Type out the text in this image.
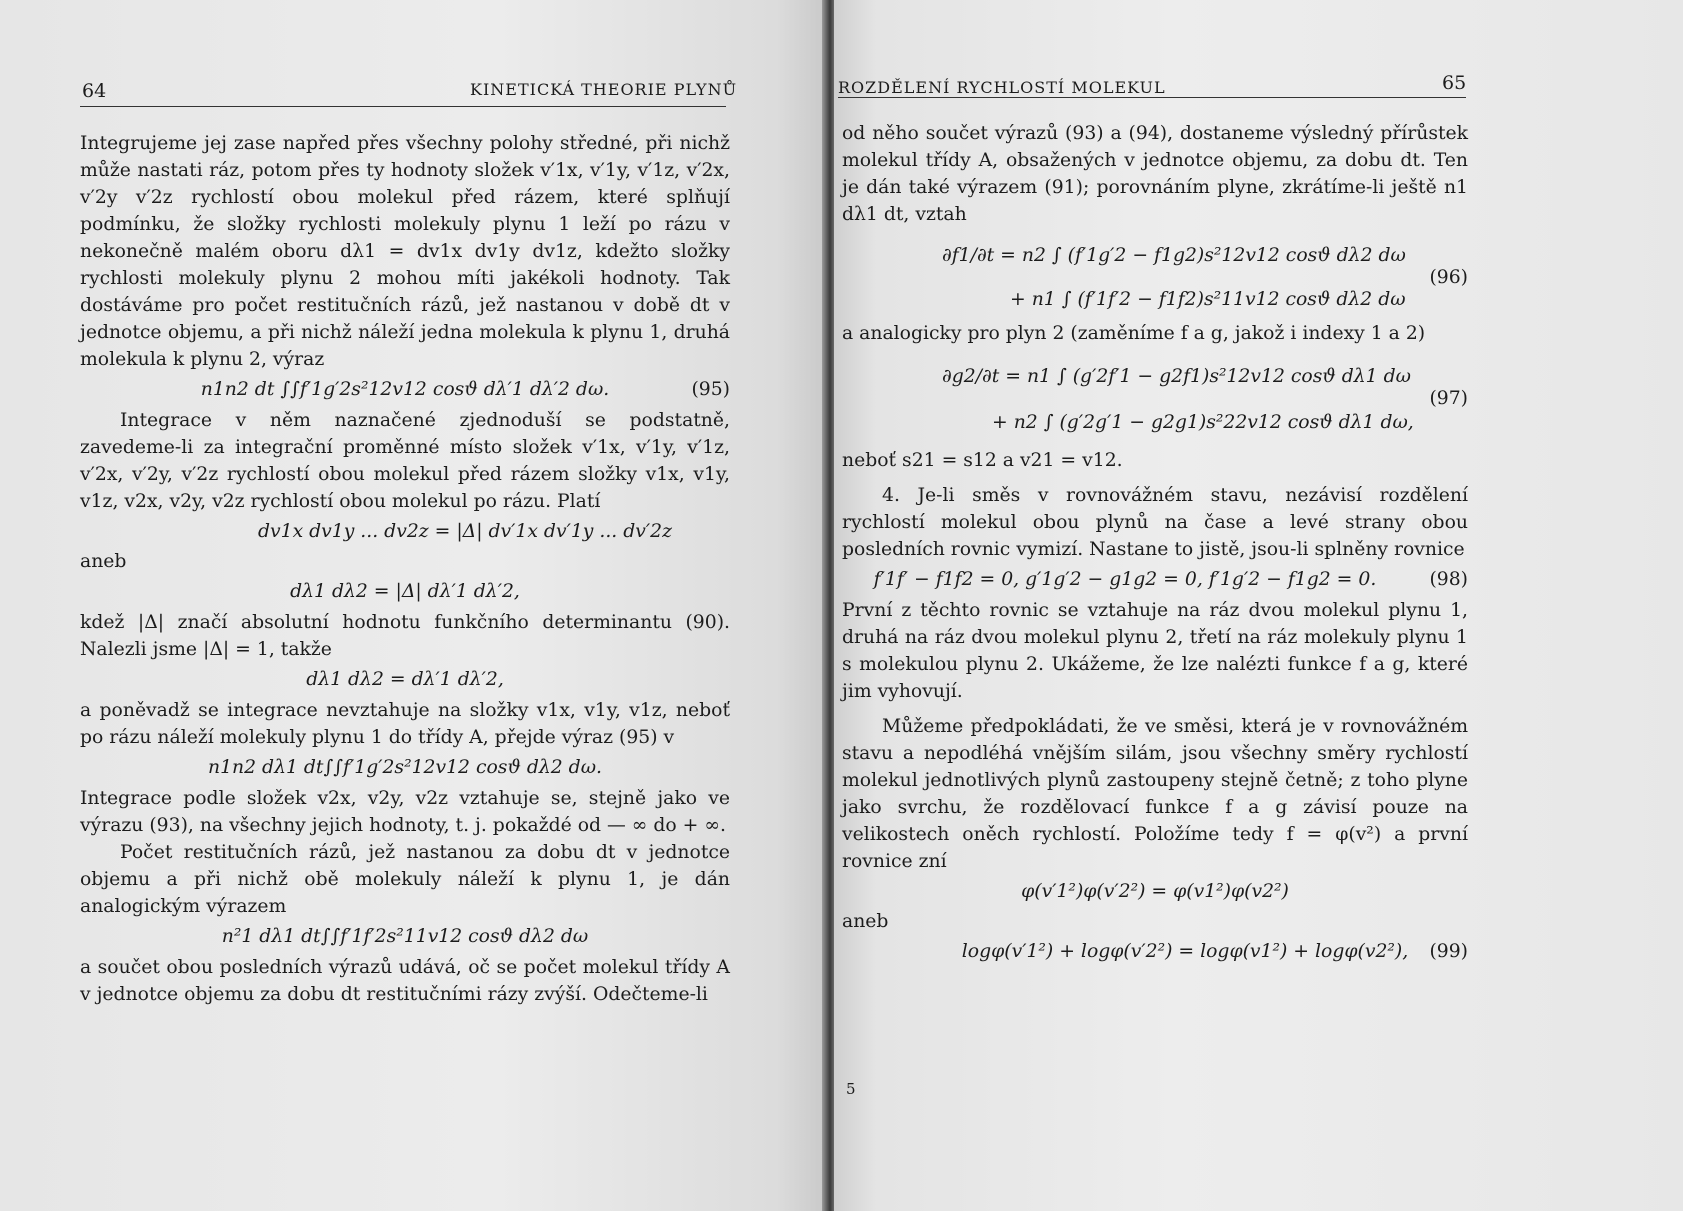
64	KINETICKÁ THEORIE PLYNŮ

Integrujeme jej zase napřed přes všechny polohy středné, při nichž může nastati ráz, potom přes ty hodnoty složek v′1x, v′1y, v′1z, v′2x, v′2y v′2z rychlostí obou molekul před rázem, které splňují podmínku, že složky rychlosti molekuly plynu 1 leží po rázu v nekonečně malém oboru dλ1 = dv1x dv1y dv1z, kdežto složky rychlosti molekuly plynu 2 mohou míti jakékoli hodnoty. Tak dostáváme pro počet restitučních rázů, jež nastanou v době dt v jednotce objemu, a při nichž náleží jedna molekula k plynu 1, druhá molekula k plynu 2, výraz

n1n2 dt ∫∫f′1g′2s²12v12 cosϑ dλ′1 dλ′2 dω.	(95)

Integrace v něm naznačené zjednoduší se podstatně, zavedeme-li za integrační proměnné místo složek v′1x, v′1y, v′1z, v′2x, v′2y, v′2z rychlostí obou molekul před rázem složky v1x, v1y, v1z, v2x, v2y, v2z rychlostí obou molekul po rázu. Platí

dv1x dv1y ... dv2z = |Δ| dv′1x dv′1y ... dv′2z
aneb
dλ1 dλ2 = |Δ| dλ′1 dλ′2,

kdež |Δ| značí absolutní hodnotu funkčního determinantu (90). Nalezli jsme |Δ| = 1, takže

dλ1 dλ2 = dλ′1 dλ′2,

a poněvadž se integrace nevztahuje na složky v1x, v1y, v1z, neboť po rázu náleží molekuly plynu 1 do třídy A, přejde výraz (95) v

n1n2 dλ1 dt∫∫f′1g′2s²12v12 cosϑ dλ2 dω.

Integrace podle složek v2x, v2y, v2z vztahuje se, stejně jako ve výrazu (93), na všechny jejich hodnoty, t. j. pokaždé od — ∞ do + ∞.

Počet restitučních rázů, jež nastanou za dobu dt v jednotce objemu a při nichž obě molekuly náleží k plynu 1, je dán analogickým výrazem

n²1 dλ1 dt∫∫f′1f′2s²11v12 cosϑ dλ2 dω

a součet obou posledních výrazů udává, oč se počet molekul třídy A v jednotce objemu za dobu dt restitučními rázy zvýší. Odečteme-li

ROZDĚLENÍ RYCHLOSTÍ MOLEKUL	65

od něho součet výrazů (93) a (94), dostaneme výsledný přírůstek molekul třídy A, obsažených v jednotce objemu, za dobu dt. Ten je dán také výrazem (91); porovnáním plyne, zkrátíme-li ještě n1 dλ1 dt, vztah

∂f1/∂t = n2 ∫ (f′1g′2 − f1g2)s²12v12 cosϑ dλ2 dω
+ n1 ∫ (f′1f′2 − f1f2)s²11v12 cosϑ dλ2 dω
(96)

a analogicky pro plyn 2 (zaměníme f a g, jakož i indexy 1 a 2)

∂g2/∂t = n1 ∫ (g′2f′1 − g2f1)s²12v12 cosϑ dλ1 dω
+ n2 ∫ (g′2g′1 − g2g1)s²22v12 cosϑ dλ1 dω,
(97)

neboť s21 = s12 a v21 = v12.

4. Je-li směs v rovnovážném stavu, nezávisí rozdělení rychlostí molekul obou plynů na čase a levé strany obou posledních rovnic vymizí. Nastane to jistě, jsou-li splněny rovnice

f′1f′ − f1f2 = 0, g′1g′2 − g1g2 = 0, f′1g′2 − f1g2 = 0.	(98)

První z těchto rovnic se vztahuje na ráz dvou molekul plynu 1, druhá na ráz dvou molekul plynu 2, třetí na ráz molekuly plynu 1 s molekulou plynu 2. Ukážeme, že lze nalézti funkce f a g, které jim vyhovují.

Můžeme předpokládati, že ve směsi, která je v rovnovážném stavu a nepodléhá vnějším silám, jsou všechny směry rychlostí molekul jednotlivých plynů zastoupeny stejně četně; z toho plyne jako svrchu, že rozdělovací funkce f a g závisí pouze na velikostech oněch rychlostí. Položíme tedy f = φ(v²) a první rovnice zní

φ(v′1²)φ(v′2²) = φ(v1²)φ(v2²)
aneb
logφ(v′1²) + logφ(v′2²) = logφ(v1²) + logφ(v2²),	(99)
5
